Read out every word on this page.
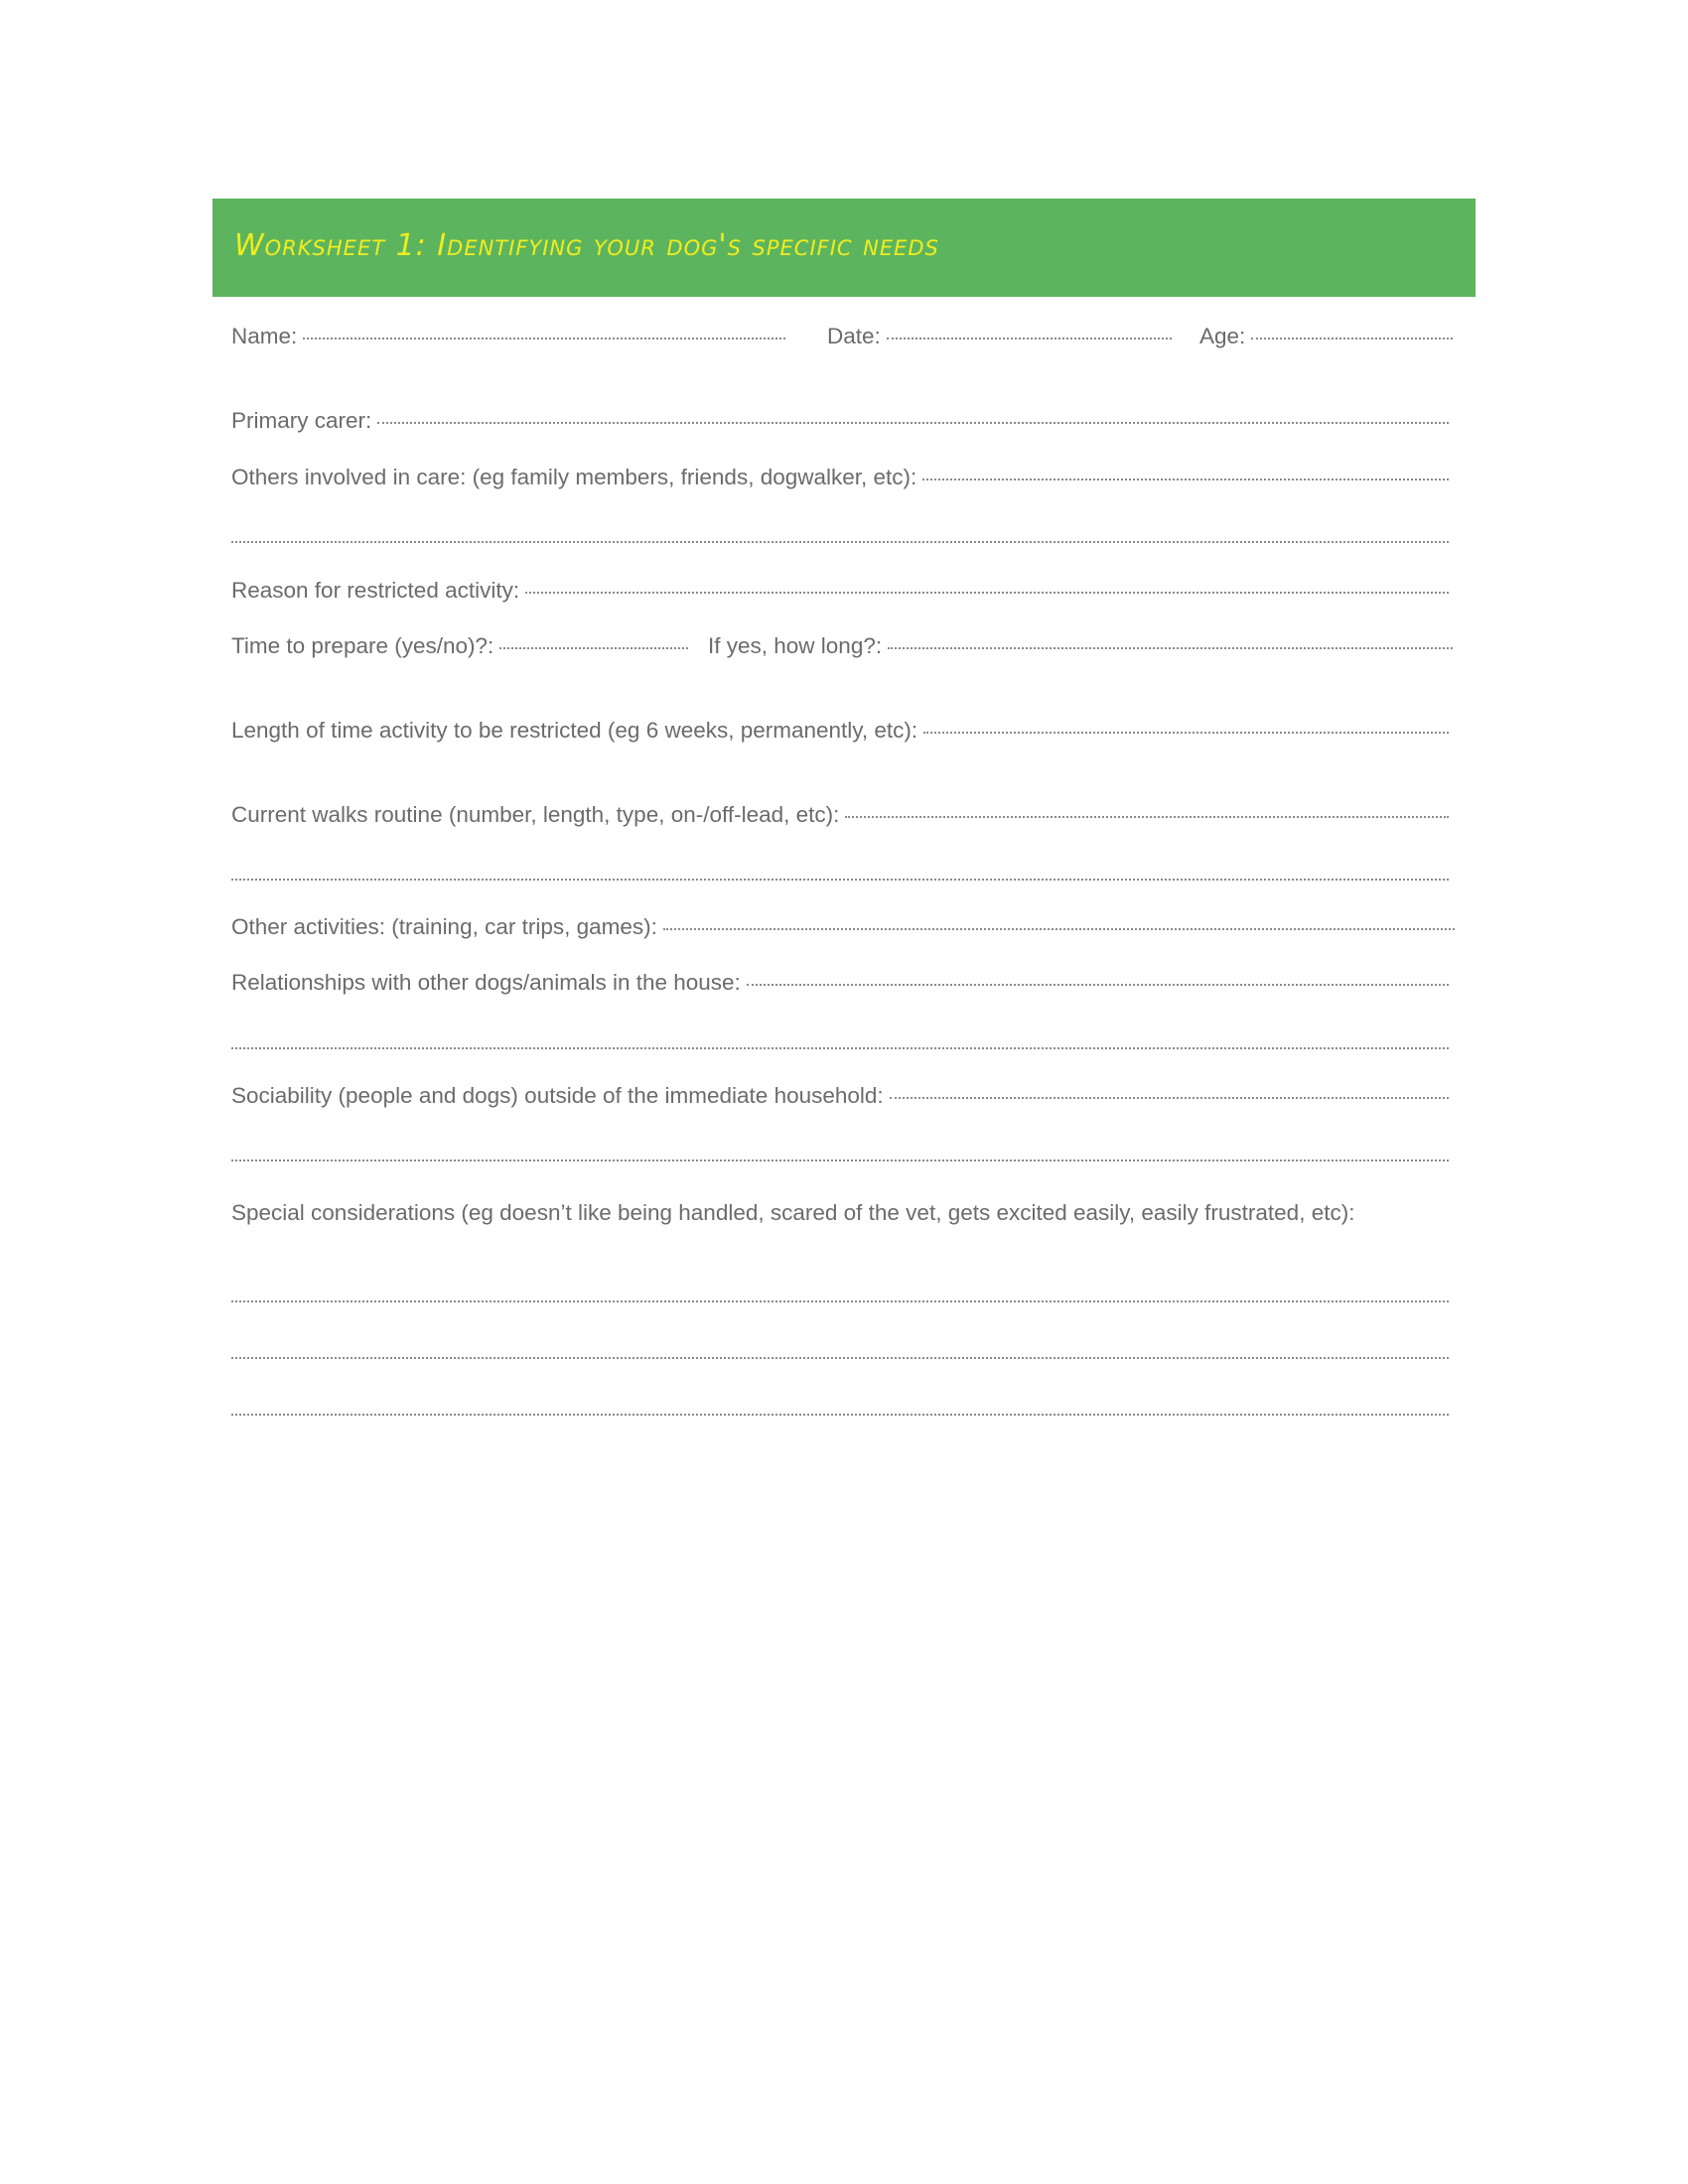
Worksheet 1: Identifying your dog's specific needs
Name:	Date:	Age:
Primary carer:
Others involved in care: (eg family members, friends, dogwalker, etc):
Reason for restricted activity:
Time to prepare (yes/no)?:	If yes, how long?:
Length of time activity to be restricted (eg 6 weeks, permanently, etc):
Current walks routine (number, length, type, on-/off-lead, etc):
Other activities: (training, car trips, games):
Relationships with other dogs/animals in the house:
Sociability (people and dogs) outside of the immediate household:
Special considerations (eg doesn’t like being handled, scared of the vet, gets excited easily, easily frustrated, etc):
